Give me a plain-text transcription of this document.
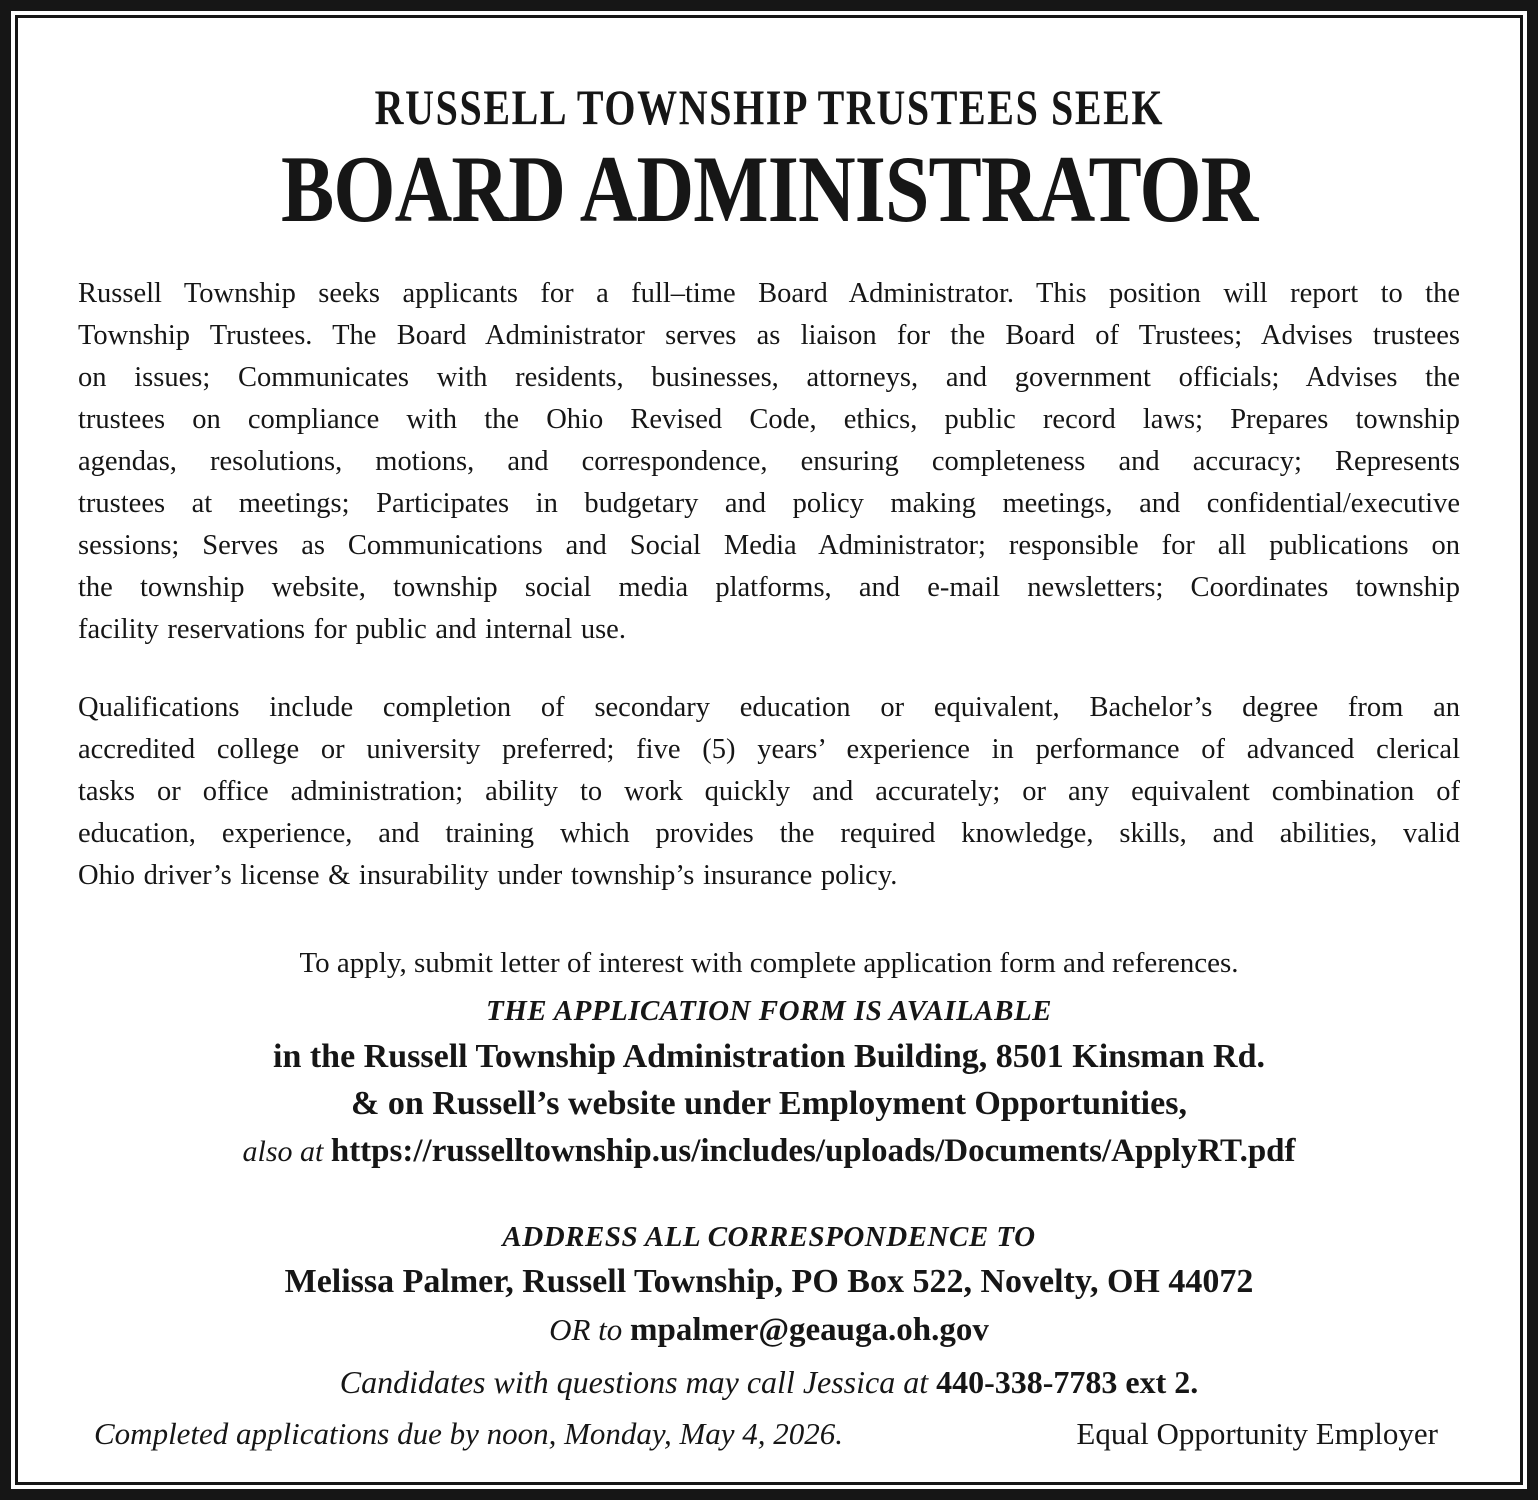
RUSSELL TOWNSHIP TRUSTEES SEEK
BOARD ADMINISTRATOR
Russell Township seeks applicants for a full–time Board Administrator. This position will report to the
Township Trustees. The Board Administrator serves as liaison for the Board of Trustees; Advises trustees
on issues; Communicates with residents, businesses, attorneys, and government officials; Advises the
trustees on compliance with the Ohio Revised Code, ethics, public record laws; Prepares township
agendas, resolutions, motions, and correspondence, ensuring completeness and accuracy; Represents
trustees at meetings; Participates in budgetary and policy making meetings, and confidential/executive
sessions; Serves as Communications and Social Media Administrator; responsible for all publications on
the township website, township social media platforms, and e-mail newsletters; Coordinates township
facility reservations for public and internal use.
Qualifications include completion of secondary education or equivalent, Bachelor’s degree from an
accredited college or university preferred; five (5) years’ experience in performance of advanced clerical
tasks or office administration; ability to work quickly and accurately; or any equivalent combination of
education, experience, and training which provides the required knowledge, skills, and abilities, valid
Ohio driver’s license & insurability under township’s insurance policy.
To apply, submit letter of interest with complete application form and references.
THE APPLICATION FORM IS AVAILABLE
in the Russell Township Administration Building, 8501 Kinsman Rd.
& on Russell’s website under Employment Opportunities,
also at https://russelltownship.us/includes/uploads/Documents/ApplyRT.pdf
ADDRESS ALL CORRESPONDENCE TO
Melissa Palmer, Russell Township, PO Box 522, Novelty, OH 44072
OR to mpalmer@geauga.oh.gov
Candidates with questions may call Jessica at 440-338-7783 ext 2.
Completed applications due by noon, Monday, May 4, 2026.	Equal Opportunity Employer
